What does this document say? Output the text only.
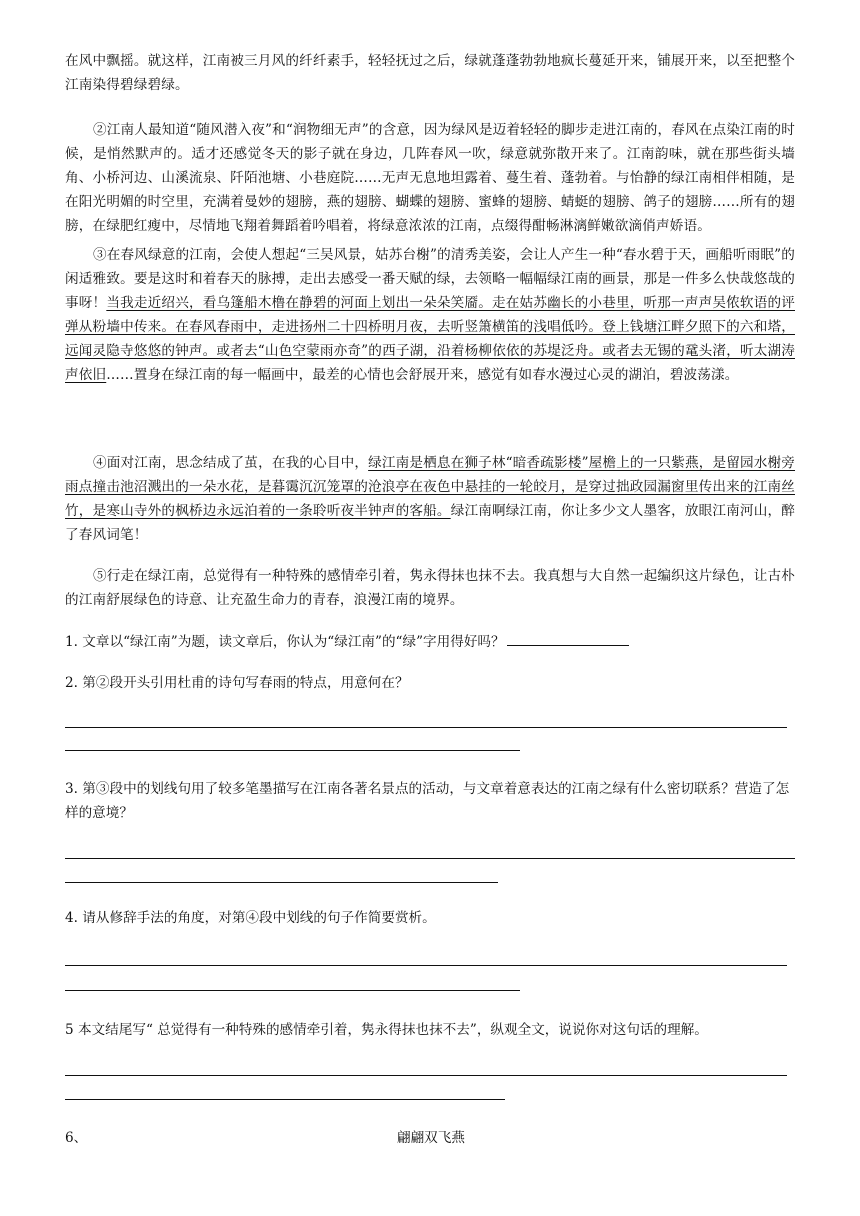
在风中飘摇。就这样，江南被三月风的纤纤素手，轻轻抚过之后，绿就蓬蓬勃勃地疯长蔓延开来，铺展开来，以至把整个江南染得碧绿碧绿。

②江南人最知道“随风潜入夜”和“润物细无声”的含意，因为绿风是迈着轻轻的脚步走进江南的，春风在点染江南的时候，是悄然默声的。适才还感觉冬天的影子就在身边，几阵春风一吹，绿意就弥散开来了。江南韵味，就在那些街头墙角、小桥河边、山溪流泉、阡陌池塘、小巷庭院……无声无息地坦露着、蔓生着、蓬勃着。与怡静的绿江南相伴相随，是在阳光明媚的时空里，充满着曼妙的翅膀，燕的翅膀、蝴蝶的翅膀、蜜蜂的翅膀、蜻蜓的翅膀、鸽子的翅膀……所有的翅膀，在绿肥红瘦中，尽情地飞翔着舞蹈着吟唱着，将绿意浓浓的江南，点缀得酣畅淋漓鲜嫩欲滴俏声娇语。

③在春风绿意的江南，会使人想起“三吴风景，姑苏台榭”的清秀美姿，会让人产生一种“春水碧于天，画船听雨眠”的闲适雅致。要是这时和着春天的脉搏，走出去感受一番天赋的绿，去领略一幅幅绿江南的画景，那是一件多么快哉悠哉的事呀！当我走近绍兴，看乌篷船木橹在静碧的河面上划出一朵朵笑靥。走在姑苏幽长的小巷里，听那一声声吴侬软语的评弹从粉墙中传来。在春风春雨中，走进扬州二十四桥明月夜，去听竖箫横笛的浅唱低吟。登上钱塘江畔夕照下的六和塔，远闻灵隐寺悠悠的钟声。或者去“山色空蒙雨亦奇”的西子湖，沿着杨柳依依的苏堤泛舟。或者去无锡的鼋头渚，听太湖涛声依旧……置身在绿江南的每一幅画中，最差的心情也会舒展开来，感觉有如春水漫过心灵的湖泊，碧波荡漾。

④面对江南，思念结成了茧，在我的心目中，绿江南是栖息在狮子林“暗香疏影楼”屋檐上的一只紫燕，是留园水榭旁雨点撞击池沼溅出的一朵水花，是暮霭沉沉笼罩的沧浪亭在夜色中悬挂的一轮皎月，是穿过拙政园漏窗里传出来的江南丝竹，是寒山寺外的枫桥边永远泊着的一条聆听夜半钟声的客船。绿江南啊绿江南，你让多少文人墨客，放眼江南河山，醉了春风词笔！

⑤行走在绿江南，总觉得有一种特殊的感情牵引着，隽永得抹也抹不去。我真想与大自然一起编织这片绿色，让古朴的江南舒展绿色的诗意、让充盈生命力的青春，浪漫江南的境界。

1. 文章以“绿江南”为题，读文章后，你认为“绿江南”的“绿”字用得好吗？

2. 第②段开头引用杜甫的诗句写春雨的特点，用意何在？

3. 第③段中的划线句用了较多笔墨描写在江南各著名景点的活动，与文章着意表达的江南之绿有什么密切联系？营造了怎样的意境？

4. 请从修辞手法的角度，对第④段中划线的句子作简要赏析。

5 本文结尾写“ 总觉得有一种特殊的感情牵引着，隽永得抹也抹不去”，纵观全文，说说你对这句话的理解。

6、	翩翩双飞燕
